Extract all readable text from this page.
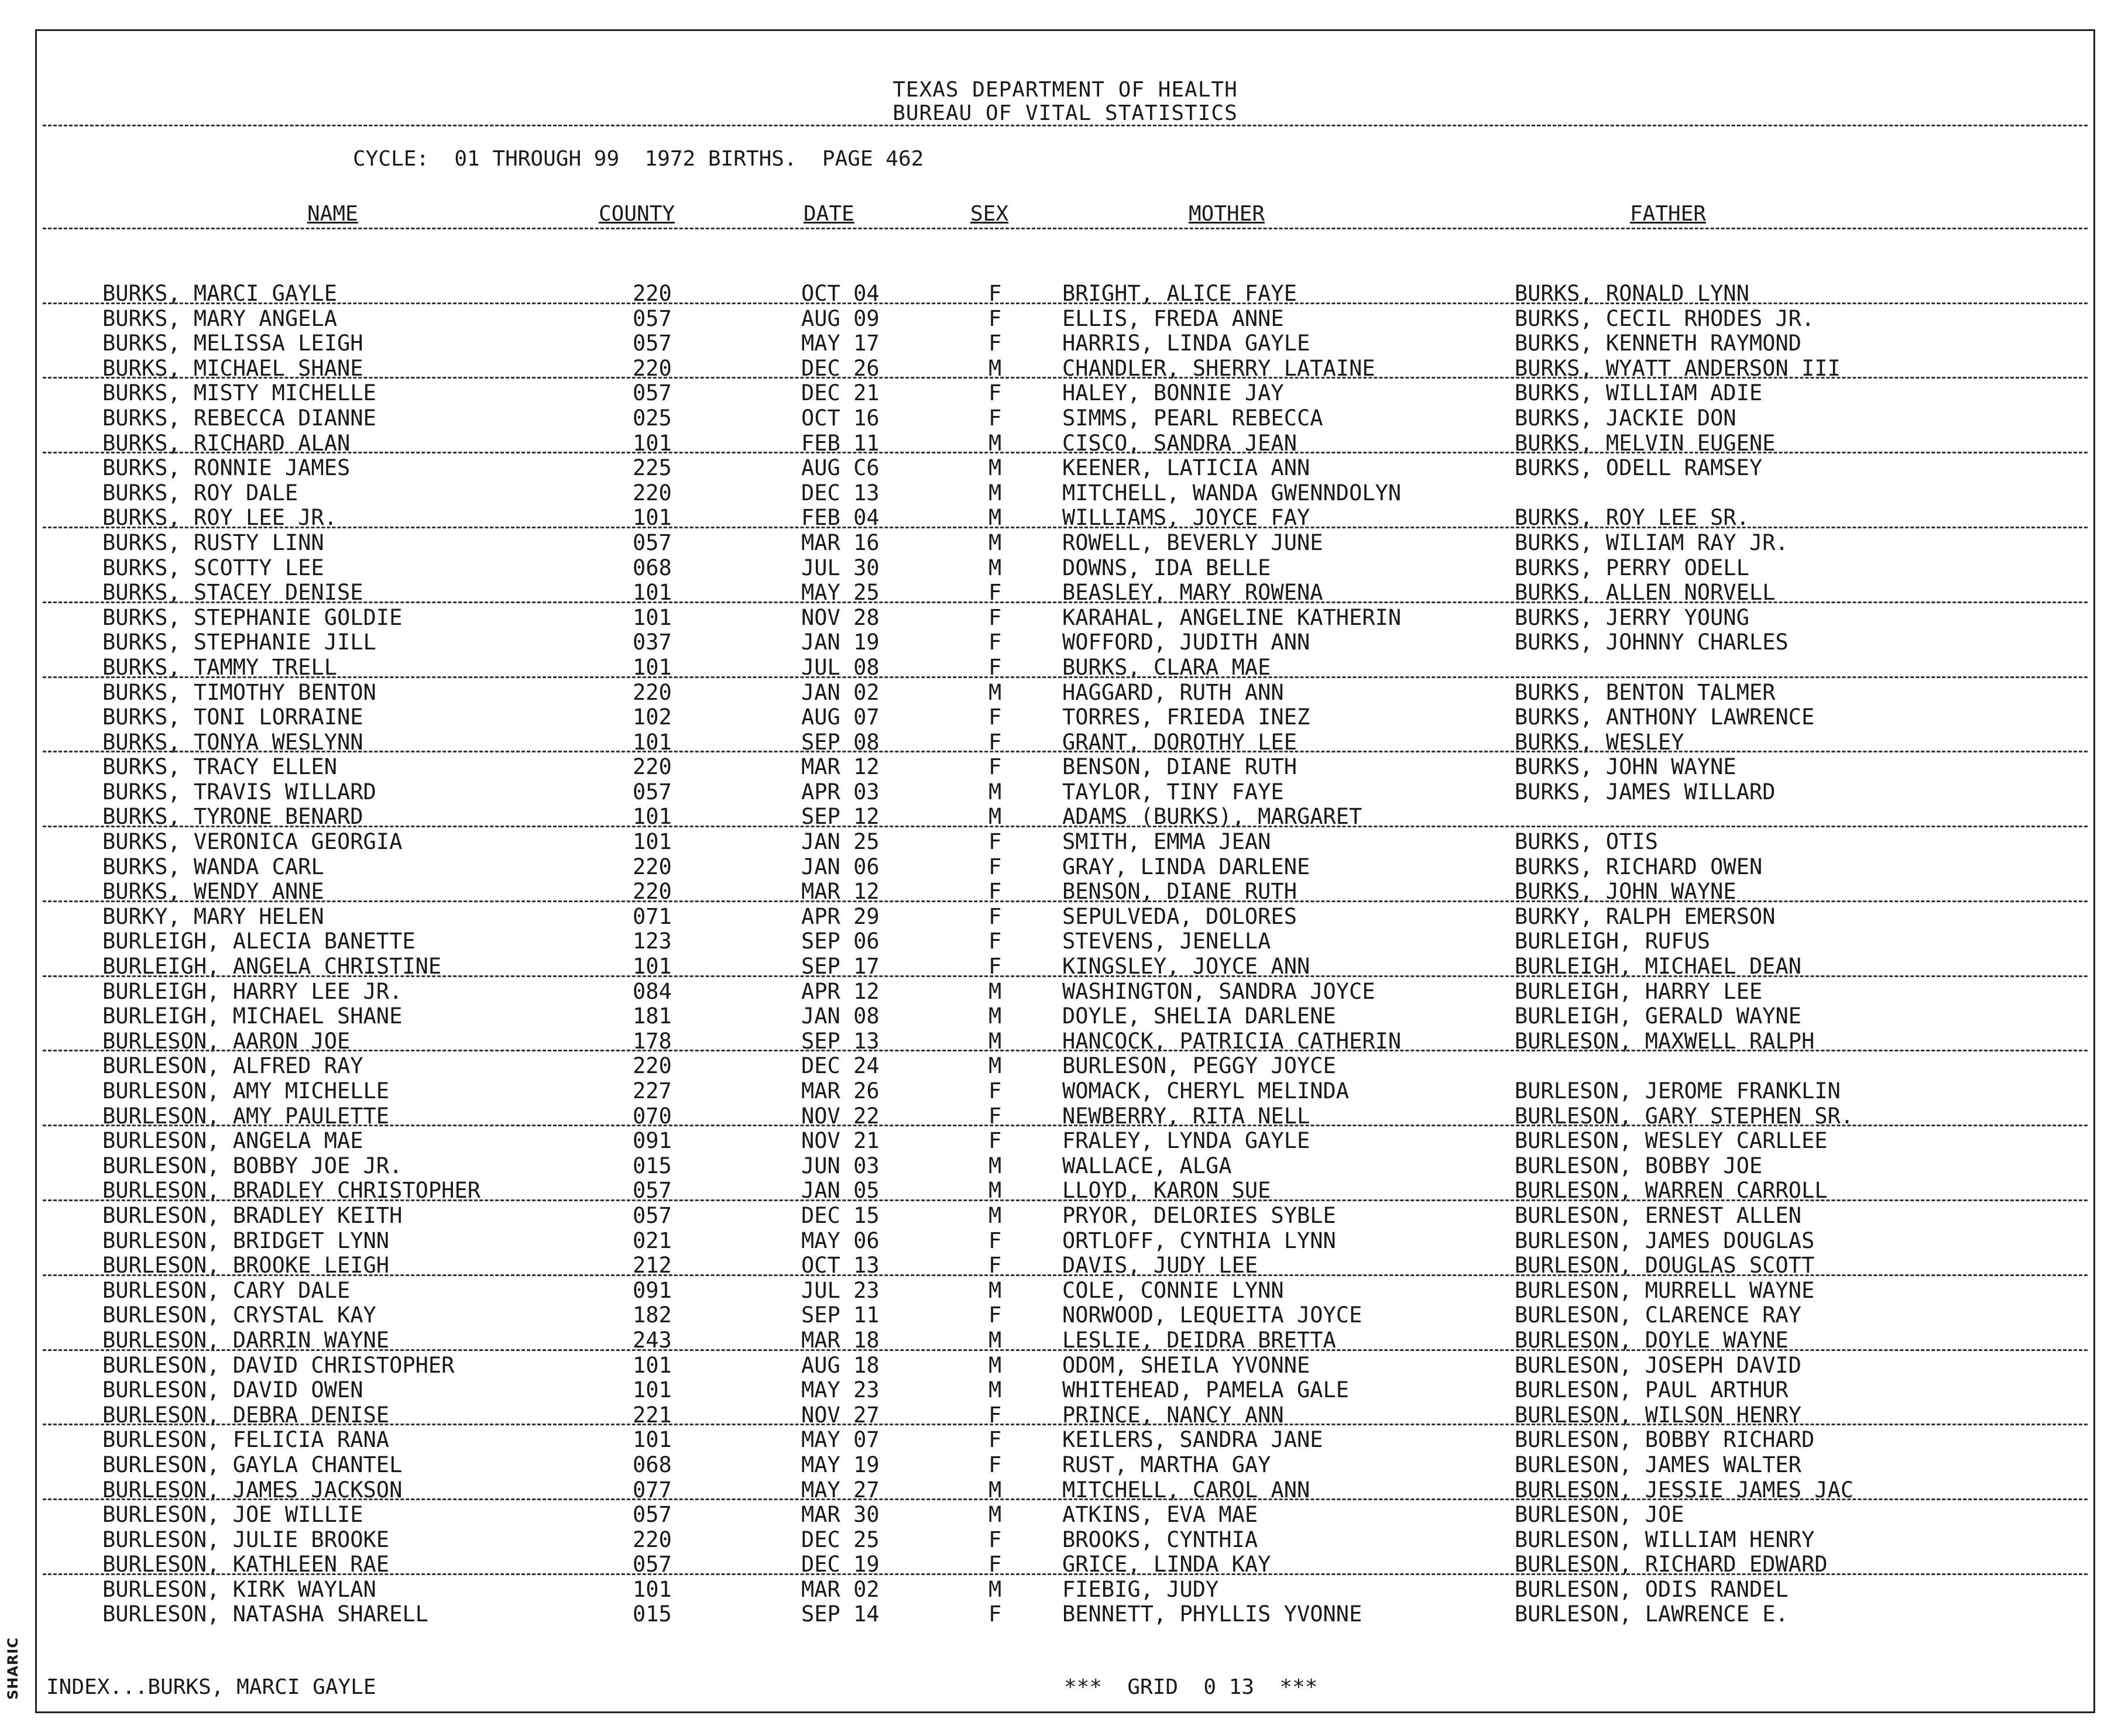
TEXAS DEPARTMENT OF HEALTH
BUREAU OF VITAL STATISTICS
CYCLE:  01 THROUGH 99  1972 BIRTHS.  PAGE 462
NAME	COUNTY	DATE	SEX	MOTHER	FATHER
BURKS, MARCI GAYLE	220	OCT 04	F	BRIGHT, ALICE FAYE	BURKS, RONALD LYNN
BURKS, MARY ANGELA	057	AUG 09	F	ELLIS, FREDA ANNE	BURKS, CECIL RHODES JR.
BURKS, MELISSA LEIGH	057	MAY 17	F	HARRIS, LINDA GAYLE	BURKS, KENNETH RAYMOND
BURKS, MICHAEL SHANE	220	DEC 26	M	CHANDLER, SHERRY LATAINE	BURKS, WYATT ANDERSON III
BURKS, MISTY MICHELLE	057	DEC 21	F	HALEY, BONNIE JAY	BURKS, WILLIAM ADIE
BURKS, REBECCA DIANNE	025	OCT 16	F	SIMMS, PEARL REBECCA	BURKS, JACKIE DON
BURKS, RICHARD ALAN	101	FEB 11	M	CISCO, SANDRA JEAN	BURKS, MELVIN EUGENE
BURKS, RONNIE JAMES	225	AUG C6	M	KEENER, LATICIA ANN	BURKS, ODELL RAMSEY
BURKS, ROY DALE	220	DEC 13	M	MITCHELL, WANDA GWENNDOLYN
BURKS, ROY LEE JR.	101	FEB 04	M	WILLIAMS, JOYCE FAY	BURKS, ROY LEE SR.
BURKS, RUSTY LINN	057	MAR 16	M	ROWELL, BEVERLY JUNE	BURKS, WILIAM RAY JR.
BURKS, SCOTTY LEE	068	JUL 30	M	DOWNS, IDA BELLE	BURKS, PERRY ODELL
BURKS, STACEY DENISE	101	MAY 25	F	BEASLEY, MARY ROWENA	BURKS, ALLEN NORVELL
BURKS, STEPHANIE GOLDIE	101	NOV 28	F	KARAHAL, ANGELINE KATHERIN	BURKS, JERRY YOUNG
BURKS, STEPHANIE JILL	037	JAN 19	F	WOFFORD, JUDITH ANN	BURKS, JOHNNY CHARLES
BURKS, TAMMY TRELL	101	JUL 08	F	BURKS, CLARA MAE
BURKS, TIMOTHY BENTON	220	JAN 02	M	HAGGARD, RUTH ANN	BURKS, BENTON TALMER
BURKS, TONI LORRAINE	102	AUG 07	F	TORRES, FRIEDA INEZ	BURKS, ANTHONY LAWRENCE
BURKS, TONYA WESLYNN	101	SEP 08	F	GRANT, DOROTHY LEE	BURKS, WESLEY
BURKS, TRACY ELLEN	220	MAR 12	F	BENSON, DIANE RUTH	BURKS, JOHN WAYNE
BURKS, TRAVIS WILLARD	057	APR 03	M	TAYLOR, TINY FAYE	BURKS, JAMES WILLARD
BURKS, TYRONE BENARD	101	SEP 12	M	ADAMS (BURKS), MARGARET
BURKS, VERONICA GEORGIA	101	JAN 25	F	SMITH, EMMA JEAN	BURKS, OTIS
BURKS, WANDA CARL	220	JAN 06	F	GRAY, LINDA DARLENE	BURKS, RICHARD OWEN
BURKS, WENDY ANNE	220	MAR 12	F	BENSON, DIANE RUTH	BURKS, JOHN WAYNE
BURKY, MARY HELEN	071	APR 29	F	SEPULVEDA, DOLORES	BURKY, RALPH EMERSON
BURLEIGH, ALECIA BANETTE	123	SEP 06	F	STEVENS, JENELLA	BURLEIGH, RUFUS
BURLEIGH, ANGELA CHRISTINE	101	SEP 17	F	KINGSLEY, JOYCE ANN	BURLEIGH, MICHAEL DEAN
BURLEIGH, HARRY LEE JR.	084	APR 12	M	WASHINGTON, SANDRA JOYCE	BURLEIGH, HARRY LEE
BURLEIGH, MICHAEL SHANE	181	JAN 08	M	DOYLE, SHELIA DARLENE	BURLEIGH, GERALD WAYNE
BURLESON, AARON JOE	178	SEP 13	M	HANCOCK, PATRICIA CATHERIN	BURLESON, MAXWELL RALPH
BURLESON, ALFRED RAY	220	DEC 24	M	BURLESON, PEGGY JOYCE
BURLESON, AMY MICHELLE	227	MAR 26	F	WOMACK, CHERYL MELINDA	BURLESON, JEROME FRANKLIN
BURLESON, AMY PAULETTE	070	NOV 22	F	NEWBERRY, RITA NELL	BURLESON, GARY STEPHEN SR.
BURLESON, ANGELA MAE	091	NOV 21	F	FRALEY, LYNDA GAYLE	BURLESON, WESLEY CARLLEE
BURLESON, BOBBY JOE JR.	015	JUN 03	M	WALLACE, ALGA	BURLESON, BOBBY JOE
BURLESON, BRADLEY CHRISTOPHER	057	JAN 05	M	LLOYD, KARON SUE	BURLESON, WARREN CARROLL
BURLESON, BRADLEY KEITH	057	DEC 15	M	PRYOR, DELORIES SYBLE	BURLESON, ERNEST ALLEN
BURLESON, BRIDGET LYNN	021	MAY 06	F	ORTLOFF, CYNTHIA LYNN	BURLESON, JAMES DOUGLAS
BURLESON, BROOKE LEIGH	212	OCT 13	F	DAVIS, JUDY LEE	BURLESON, DOUGLAS SCOTT
BURLESON, CARY DALE	091	JUL 23	M	COLE, CONNIE LYNN	BURLESON, MURRELL WAYNE
BURLESON, CRYSTAL KAY	182	SEP 11	F	NORWOOD, LEQUEITA JOYCE	BURLESON, CLARENCE RAY
BURLESON, DARRIN WAYNE	243	MAR 18	M	LESLIE, DEIDRA BRETTA	BURLESON, DOYLE WAYNE
BURLESON, DAVID CHRISTOPHER	101	AUG 18	M	ODOM, SHEILA YVONNE	BURLESON, JOSEPH DAVID
BURLESON, DAVID OWEN	101	MAY 23	M	WHITEHEAD, PAMELA GALE	BURLESON, PAUL ARTHUR
BURLESON, DEBRA DENISE	221	NOV 27	F	PRINCE, NANCY ANN	BURLESON, WILSON HENRY
BURLESON, FELICIA RANA	101	MAY 07	F	KEILERS, SANDRA JANE	BURLESON, BOBBY RICHARD
BURLESON, GAYLA CHANTEL	068	MAY 19	F	RUST, MARTHA GAY	BURLESON, JAMES WALTER
BURLESON, JAMES JACKSON	077	MAY 27	M	MITCHELL, CAROL ANN	BURLESON, JESSIE JAMES JAC
BURLESON, JOE WILLIE	057	MAR 30	M	ATKINS, EVA MAE	BURLESON, JOE
BURLESON, JULIE BROOKE	220	DEC 25	F	BROOKS, CYNTHIA	BURLESON, WILLIAM HENRY
BURLESON, KATHLEEN RAE	057	DEC 19	F	GRICE, LINDA KAY	BURLESON, RICHARD EDWARD
BURLESON, KIRK WAYLAN	101	MAR 02	M	FIEBIG, JUDY	BURLESON, ODIS RANDEL
BURLESON, NATASHA SHARELL	015	SEP 14	F	BENNETT, PHYLLIS YVONNE	BURLESON, LAWRENCE E.
INDEX...BURKS, MARCI GAYLE	***  GRID  0 13  ***
SHARIC
